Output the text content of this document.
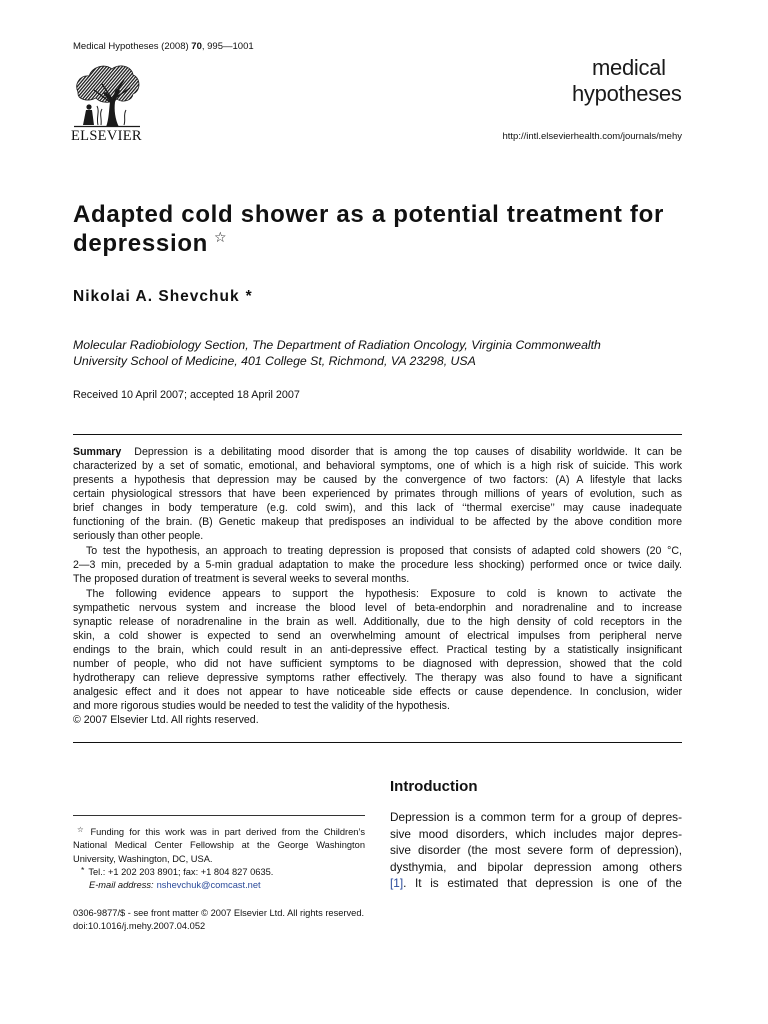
Medical Hypotheses (2008) 70, 995—1001
ELSEVIER
medical
hypotheses
http://intl.elsevierhealth.com/journals/mehy
Adapted cold shower as a potential treatment for depression ☆
Nikolai A. Shevchuk *
Molecular Radiobiology Section, The Department of Radiation Oncology, Virginia Commonwealth
University School of Medicine, 401 College St, Richmond, VA 23298, USA
Received 10 April 2007; accepted 18 April 2007
Summary Depression is a debilitating mood disorder that is among the top causes of disability worldwide. It can be
characterized by a set of somatic, emotional, and behavioral symptoms, one of which is a high risk of suicide. This work
presents a hypothesis that depression may be caused by the convergence of two factors: (A) A lifestyle that lacks
certain physiological stressors that have been experienced by primates through millions of years of evolution, such as
brief changes in body temperature (e.g. cold swim), and this lack of ‘‘thermal exercise’’ may cause inadequate
functioning of the brain. (B) Genetic makeup that predisposes an individual to be affected by the above condition more
seriously than other people.
To test the hypothesis, an approach to treating depression is proposed that consists of adapted cold showers (20 °C,
2—3 min, preceded by a 5-min gradual adaptation to make the procedure less shocking) performed once or twice daily.
The proposed duration of treatment is several weeks to several months.
The following evidence appears to support the hypothesis: Exposure to cold is known to activate the
sympathetic nervous system and increase the blood level of beta-endorphin and noradrenaline and to increase
synaptic release of noradrenaline in the brain as well. Additionally, due to the high density of cold receptors in the
skin, a cold shower is expected to send an overwhelming amount of electrical impulses from peripheral nerve
endings to the brain, which could result in an anti-depressive effect. Practical testing by a statistically insignificant
number of people, who did not have sufficient symptoms to be diagnosed with depression, showed that the cold
hydrotherapy can relieve depressive symptoms rather effectively. The therapy was also found to have a significant
analgesic effect and it does not appear to have noticeable side effects or cause dependence. In conclusion, wider
and more rigorous studies would be needed to test the validity of the hypothesis.
© 2007 Elsevier Ltd. All rights reserved.
Introduction
Depression is a common term for a group of depres-
sive mood disorders, which includes major depres-
sive disorder (the most severe form of depression),
dysthymia, and bipolar depression among others
[1]. It is estimated that depression is one of the
☆ Funding for this work was in part derived from the Children’s
National Medical Center Fellowship at the George Washington
University, Washington, DC, USA.
* Tel.: +1 202 203 8901; fax: +1 804 827 0635.
E-mail address: nshevchuk@comcast.net
0306-9877/$ - see front matter © 2007 Elsevier Ltd. All rights reserved.
doi:10.1016/j.mehy.2007.04.052
